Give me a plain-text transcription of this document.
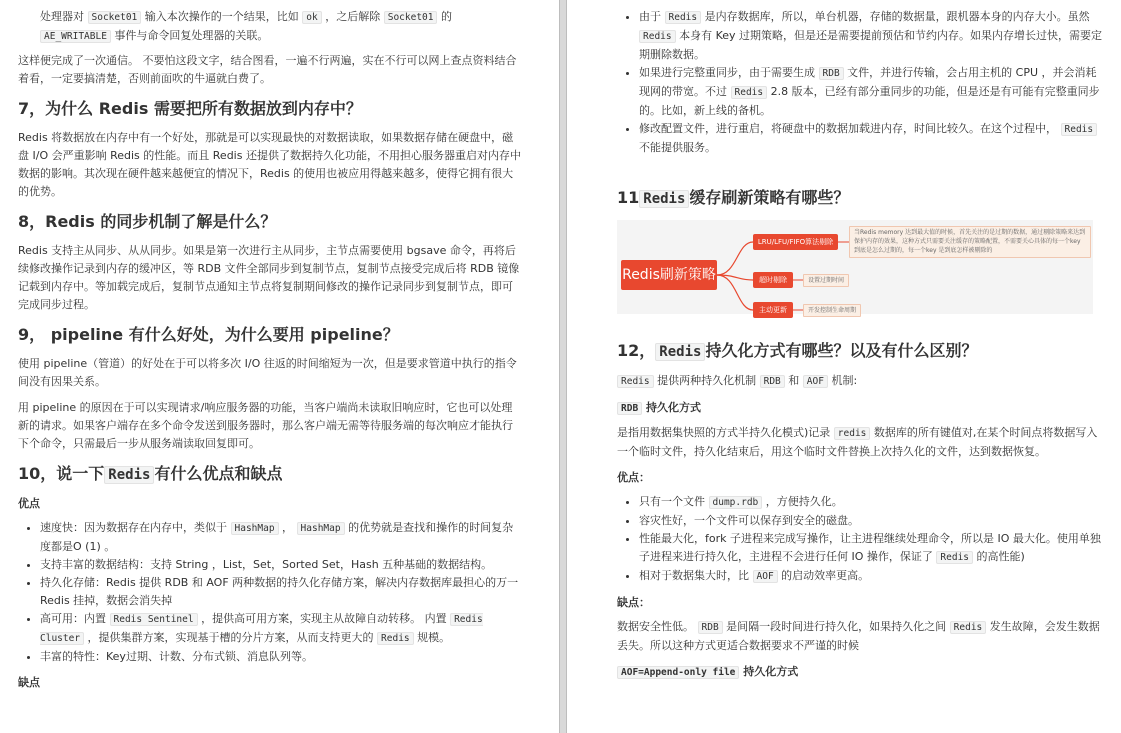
处理器对 Socket01 输入本次操作的一个结果，比如 ok ，之后解除 Socket01 的
AE_WRITABLE 事件与命令回复处理器的关联。

这样便完成了一次通信。 不要怕这段文字，结合图看，一遍不行两遍，实在不行可以网上查点资料结合着看，一定要搞清楚，否则前面吹的牛逼就白费了。

7，为什么 Redis 需要把所有数据放到内存中？

Redis 将数据放在内存中有一个好处，那就是可以实现最快的对数据读取，如果数据存储在硬盘中，磁盘 I/O 会严重影响 Redis 的性能。而且 Redis 还提供了数据持久化功能，不用担心服务器重启对内存中数据的影响。其次现在硬件越来越便宜的情况下，Redis 的使用也被应用得越来越多，使得它拥有很大的优势。

8，Redis 的同步机制了解是什么？

Redis 支持主从同步、从从同步。如果是第一次进行主从同步，主节点需要使用 bgsave 命令，再将后续修改操作记录到内存的缓冲区，等 RDB 文件全部同步到复制节点，复制节点接受完成后将 RDB 镜像记载到内存中。等加载完成后，复制节点通知主节点将复制期间修改的操作记录同步到复制节点，即可完成同步过程。

9， pipeline 有什么好处，为什么要用 pipeline？

使用 pipeline（管道）的好处在于可以将多次 I/O 往返的时间缩短为一次，但是要求管道中执行的指令间没有因果关系。

用 pipeline 的原因在于可以实现请求/响应服务器的功能，当客户端尚未读取旧响应时，它也可以处理新的请求。如果客户端存在多个命令发送到服务器时，那么客户端无需等待服务端的每次响应才能执行下个命令，只需最后一步从服务端读取回复即可。

10，说一下 Redis 有什么优点和缺点
优点
• 速度快：因为数据存在内存中，类似于 HashMap ， HashMap 的优势就是查找和操作的时间复杂度都是O (1) 。
• 支持丰富的数据结构：支持 String ，List，Set，Sorted Set，Hash 五种基础的数据结构。
• 持久化存储：Redis 提供 RDB 和 AOF 两种数据的持久化存储方案，解决内存数据库最担心的万一 Redis 挂掉，数据会消失掉
• 高可用：内置 Redis Sentinel ，提供高可用方案，实现主从故障自动转移。 内置 Redis Cluster ，提供集群方案，实现基于槽的分片方案，从而支持更大的 Redis 规模。
• 丰富的特性：Key过期、计数、分布式锁、消息队列等。
缺点
• 由于 Redis 是内存数据库，所以，单台机器，存储的数据量，跟机器本身的内存大小。虽然 Redis 本身有 Key 过期策略，但是还是需要提前预估和节约内存。如果内存增长过快，需要定期删除数据。
• 如果进行完整重同步，由于需要生成 RDB 文件，并进行传输，会占用主机的 CPU ，并会消耗现网的带宽。不过 Redis 2.8 版本，已经有部分重同步的功能，但是还是有可能有完整重同步的。比如，新上线的备机。
• 修改配置文件，进行重启，将硬盘中的数据加载进内存，时间比较久。在这个过程中， Redis 不能提供服务。
11 Redis 缓存刷新策略有哪些？
Redis刷新策略
LRU/LFU/FIFO算法剔除
当Redis memory 达到最大值的时候，首先关注的是过期的数据，通过剔除策略来达到保护内存的效果，这种方式只需要关注缓存的策略配置，不需要关心具体的每一个key 到底是怎么过期的，每一个key 是到底怎样被剔除的
超时剔除	设置过期时间
主动更新	开发控制生命周期
12， Redis 持久化方式有哪些？以及有什么区别？

Redis 提供两种持久化机制 RDB 和 AOF 机制:

RDB 持久化方式

是指用数据集快照的方式半持久化模式)记录 redis 数据库的所有键值对,在某个时间点将数据写入一个临时文件，持久化结束后，用这个临时文件替换上次持久化的文件，达到数据恢复。

优点：
• 只有一个文件 dump.rdb ，方便持久化。
• 容灾性好，一个文件可以保存到安全的磁盘。
• 性能最大化，fork 子进程来完成写操作，让主进程继续处理命令，所以是 IO 最大化。使用单独子进程来进行持久化，主进程不会进行任何 IO 操作，保证了 Redis 的高性能)
• 相对于数据集大时，比 AOF 的启动效率更高。
缺点：

数据安全性低。 RDB 是间隔一段时间进行持久化，如果持久化之间 Redis 发生故障，会发生数据丢失。所以这种方式更适合数据要求不严谨的时候

AOF=Append-only file 持久化方式
